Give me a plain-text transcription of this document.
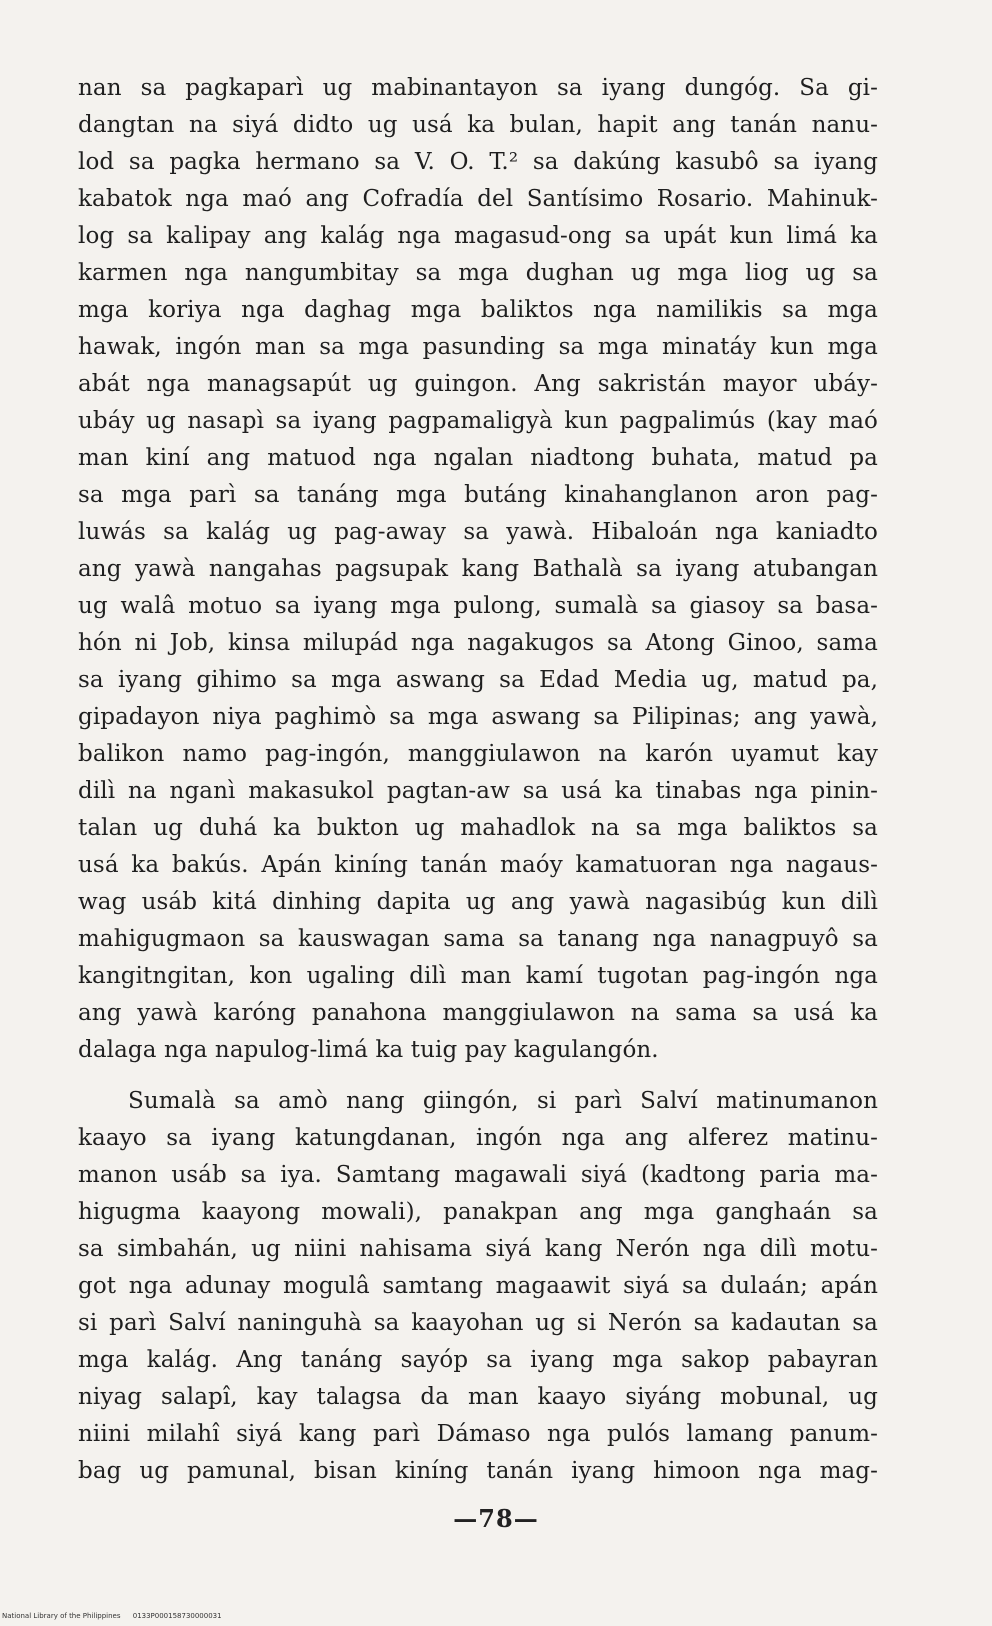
nan sa pagkaparì ug mabinantayon sa iyang dungóg. Sa gi-
dangtan na siyá didto ug usá ka bulan, hapit ang tanán nanu-
lod sa pagka hermano sa V. O. T.² sa dakúng kasubô sa iyang
kabatok nga maó ang Cofradía del Santísimo Rosario. Mahinuk-
log sa kalipay ang kalág nga magasud-ong sa upát kun limá ka
karmen nga nangumbitay sa mga dughan ug mga liog ug sa
mga koriya nga daghag mga baliktos nga namilikis sa mga
hawak, ingón man sa mga pasunding sa mga minatáy kun mga
abát nga managsapút ug guingon. Ang sakristán mayor ubáy-
ubáy ug nasapì sa iyang pagpamaligyà kun pagpalimús (kay maó
man kiní ang matuod nga ngalan niadtong buhata, matud pa
sa mga parì sa tanáng mga butáng kinahanglanon aron pag-
luwás sa kalág ug pag-away sa yawà. Hibaloán nga kaniadto
ang yawà nangahas pagsupak kang Bathalà sa iyang atubangan
ug walâ motuo sa iyang mga pulong, sumalà sa giasoy sa basa-
hón ni Job, kinsa milupád nga nagakugos sa Atong Ginoo, sama
sa iyang gihimo sa mga aswang sa Edad Media ug, matud pa,
gipadayon niya paghimò sa mga aswang sa Pilipinas; ang yawà,
balikon namo pag-ingón, manggiulawon na karón uyamut kay
dilì na nganì makasukol pagtan-aw sa usá ka tinabas nga pinin-
talan ug duhá ka bukton ug mahadlok na sa mga baliktos sa
usá ka bakús. Apán kiníng tanán maóy kamatuoran nga nagaus-
wag usáb kitá dinhing dapita ug ang yawà nagasibúg kun dilì
mahigugmaon sa kauswagan sama sa tanang nga nanagpuyô sa
kangitngitan, kon ugaling dilì man kamí tugotan pag-ingón nga
ang yawà karóng panahona manggiulawon na sama sa usá ka
dalaga nga napulog-limá ka tuig pay kagulangón.
Sumalà sa amò nang giingón, si parì Salví matinumanon
kaayo sa iyang katungdanan, ingón nga ang alferez matinu-
manon usáb sa iya. Samtang magawali siyá (kadtong paria ma-
higugma kaayong mowali), panakpan ang mga ganghaán sa
sa simbahán, ug niini nahisama siyá kang Nerón nga dilì motu-
got nga adunay mogulâ samtang magaawit siyá sa dulaán; apán
si parì Salví naninguhà sa kaayohan ug si Nerón sa kadautan sa
mga kalág. Ang tanáng sayóp sa iyang mga sakop pabayran
niyag salapî, kay talagsa da man kaayo siyáng mobunal, ug
niini milahî siyá kang parì Dámaso nga pulós lamang panum-
bag ug pamunal, bisan kiníng tanán iyang himoon nga mag-
—78—
National Library of the Philippines 0133P000158730000031
